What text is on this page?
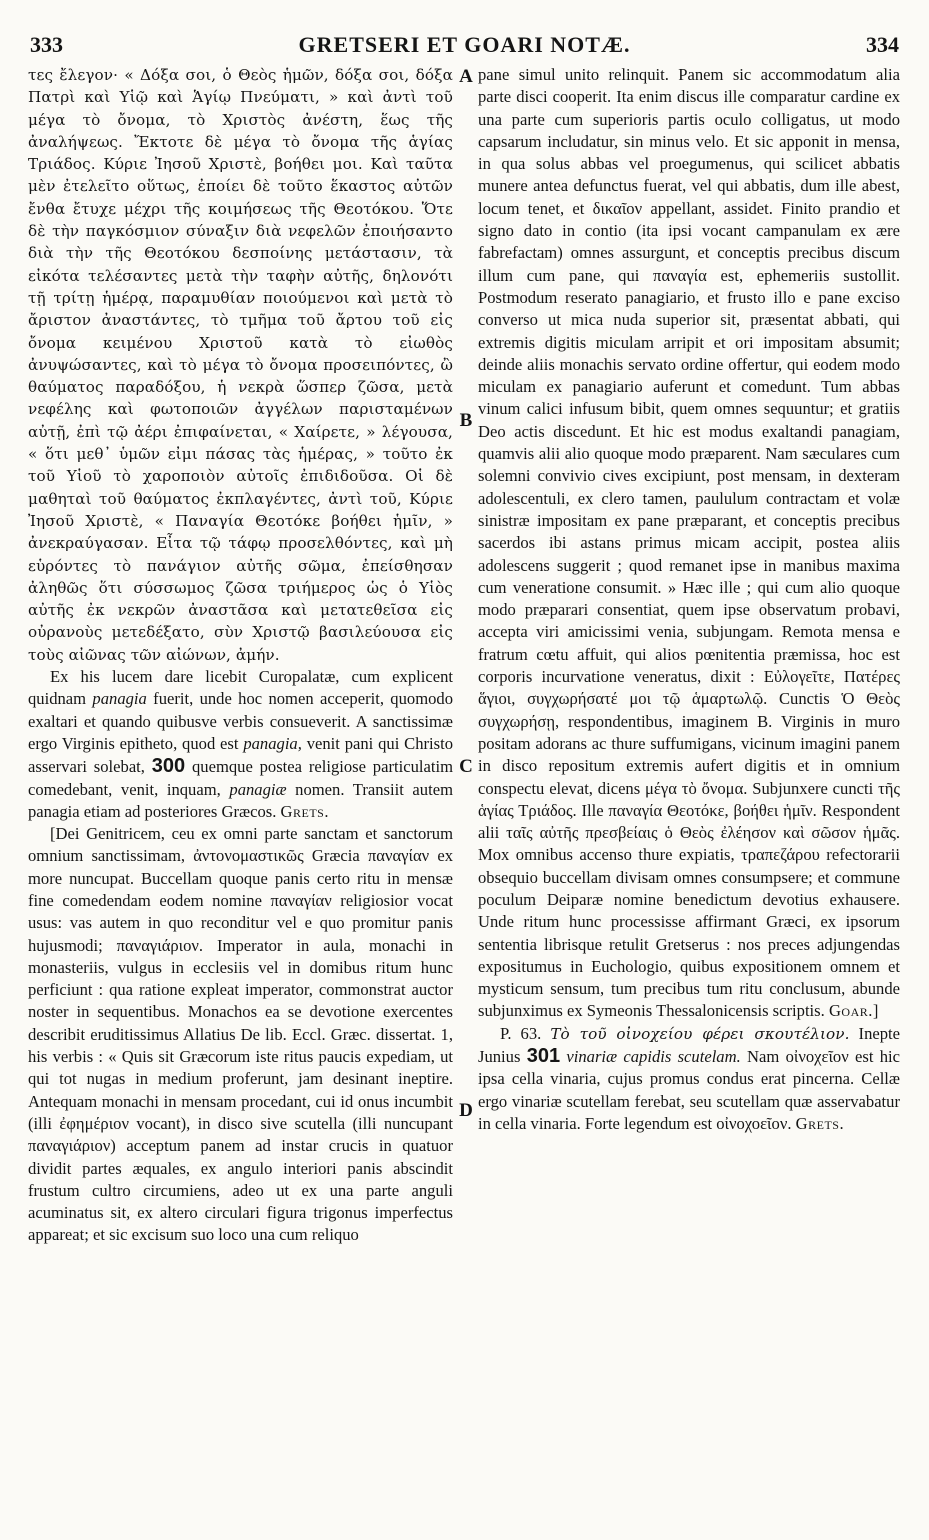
333	GRETSERI ET GOARI NOTÆ.	334

τες ἔλεγον· « Δόξα σοι, ὁ Θεὸς ἡμῶν, δόξα σοι, δόξα Πατρὶ καὶ Υἱῷ καὶ Ἁγίῳ Πνεύματι, » καὶ ἀντὶ τοῦ μέγα τὸ ὄνομα, τὸ Χριστὸς ἀνέστη, ἕως τῆς ἀναλήψεως. Ἔκτοτε δὲ μέγα τὸ ὄνομα τῆς ἁγίας Τριάδος. Κύριε Ἰησοῦ Χριστὲ, βοήθει μοι. Καὶ ταῦτα μὲν ἐτελεῖτο οὕτως, ἐποίει δὲ τοῦτο ἕκαστος αὐτῶν ἔνθα ἔτυχε μέχρι τῆς κοιμήσεως τῆς Θεοτόκου. Ὅτε δὲ τὴν παγκόσμιον σύναξιν διὰ νεφελῶν ἐποιήσαντο διὰ τὴν τῆς Θεοτόκου δεσποίνης μετάστασιν, τὰ εἰκότα τελέσαντες μετὰ τὴν ταφὴν αὐτῆς, δηλονότι τῇ τρίτῃ ἡμέρᾳ, παραμυθίαν ποιούμενοι καὶ μετὰ τὸ ἄριστον ἀναστάντες, τὸ τμῆμα τοῦ ἄρτου τοῦ εἰς ὄνομα κειμένου Χριστοῦ κατὰ τὸ εἰωθὸς ἀνυψώσαντες, καὶ τὸ μέγα τὸ ὄνομα προσειπόντες, ὢ θαύματος παραδόξου, ἡ νεκρὰ ὥσπερ ζῶσα, μετὰ νεφέλης καὶ φωτοποιῶν ἀγγέλων παρισταμένων αὐτῇ, ἐπὶ τῷ ἀέρι ἐπιφαίνεται, « Χαίρετε, » λέγουσα, « ὅτι μεθ᾽ ὑμῶν εἰμι πάσας τὰς ἡμέρας, » τοῦτο ἐκ τοῦ Υἱοῦ τὸ χαροποιὸν αὐτοῖς ἐπιδιδοῦσα. Οἱ δὲ μαθηταὶ τοῦ θαύματος ἐκπλαγέντες, ἀντὶ τοῦ, Κύριε Ἰησοῦ Χριστὲ, « Παναγία Θεοτόκε βοήθει ἡμῖν, » ἀνεκραύγασαν. Εἶτα τῷ τάφῳ προσελθόντες, καὶ μὴ εὑρόντες τὸ πανάγιον αὐτῆς σῶμα, ἐπείσθησαν ἀληθῶς ὅτι σύσσωμος ζῶσα τριήμερος ὡς ὁ Υἱὸς αὐτῆς ἐκ νεκρῶν ἀναστᾶσα καὶ μετατεθεῖσα εἰς οὐρανοὺς μετεδέξατο, σὺν Χριστῷ βασιλεύουσα εἰς τοὺς αἰῶνας τῶν αἰώνων, ἀμήν.

Ex his lucem dare licebit Curopalatæ, cum explicent quidnam panagia fuerit, unde hoc nomen acceperit, quomodo exaltari et quando quibusve verbis consueverit. A sanctissimæ ergo Virginis epitheto, quod est panagia, venit pani qui Christo asservari solebat, 300 quemque postea religiose particulatim comedebant, venit, inquam, panagiæ nomen. Transiit autem panagia etiam ad posteriores Græcos. Grets.

[Dei Genitricem, ceu ex omni parte sanctam et sanctorum omnium sanctissimam, ἀντονομαστικῶς Græcia παναγίαν ex more nuncupat. Buccellam quoque panis certo ritu in mensæ fine comedendam eodem nomine παναγίαν religiosior vocat usus: vas autem in quo reconditur vel e quo promitur panis hujusmodi; παναγιάριον. Imperator in aula, monachi in monasteriis, vulgus in ecclesiis vel in domibus ritum hunc perficiunt : qua ratione expleat imperator, commonstrat auctor noster in sequentibus. Monachos ea se devotione exercentes describit eruditissimus Allatius De lib. Eccl. Græc. dissertat. 1, his verbis : « Quis sit Græcorum iste ritus paucis expediam, ut qui tot nugas in medium proferunt, jam desinant ineptire. Antequam monachi in mensam procedant, cui id onus incumbit (illi ἐφημέριον vocant), in disco sive scutella (illi nuncupant παναγιάριον) acceptum panem ad instar crucis in quatuor dividit partes æquales, ex angulo interiori panis abscindit frustum cultro circumiens, adeo ut ex una parte anguli acuminatus sit, ex altero circulari figura trigonus imperfectus appareat; et sic excisum suo loco una cum reliquo

A
B
C
D

pane simul unito relinquit. Panem sic accommodatum alia parte disci cooperit. Ita enim discus ille comparatur cardine ex una parte cum superioris partis oculo colligatus, ut modo capsarum includatur, sin minus velo. Et sic apponit in mensa, in qua solus abbas vel proegumenus, qui scilicet abbatis munere antea defunctus fuerat, vel qui abbatis, dum ille abest, locum tenet, et δικαῖον appellant, assidet. Finito prandio et signo dato in contio (ita ipsi vocant campanulam ex ære fabrefactam) omnes assurgunt, et conceptis precibus discum illum cum pane, qui παναγία est, ephemeriis sustollit. Postmodum reserato panagiario, et frusto illo e pane exciso converso ut mica nuda superior sit, præsentat abbati, qui extremis digitis miculam arripit et ori impositam absumit; deinde aliis monachis servato ordine offertur, qui eodem modo miculam ex panagiario auferunt et comedunt. Tum abbas vinum calici infusum bibit, quem omnes sequuntur; et gratiis Deo actis discedunt. Et hic est modus exaltandi panagiam, quamvis alii alio quoque modo præparent. Nam sæculares cum solemni convivio cives excipiunt, post mensam, in dexteram adolescentuli, ex clero tamen, paululum contractam et volæ sinistræ impositam ex pane præparant, et conceptis precibus sacerdos ibi astans primus micam accipit, postea aliis adolescens suggerit ; quod remanet ipse in manibus maxima cum veneratione consumit. » Hæc ille ; qui cum alio quoque modo præparari consentiat, quem ipse observatum probavi, accepta viri amicissimi venia, subjungam. Remota mensa e fratrum cœtu affuit, qui alios pœnitentia præmissa, hoc est corporis incurvatione veneratus, dixit : Εὐλογεῖτε, Πατέρες ἅγιοι, συγχωρήσατέ μοι τῷ ἁμαρτωλῷ. Cunctis Ὁ Θεὸς συγχωρήσῃ, respondentibus, imaginem B. Virginis in muro positam adorans ac thure suffumigans, vicinum imagini panem in disco repositum extremis aufert digitis et in omnium conspectu elevat, dicens μέγα τὸ ὄνομα. Subjunxere cuncti τῆς ἁγίας Τριάδος. Ille παναγία Θεοτόκε, βοήθει ἡμῖν. Respondent alii ταῖς αὐτῆς πρεσβείαις ὁ Θεὸς ἐλέησον καὶ σῶσον ἡμᾶς. Mox omnibus accenso thure expiatis, τραπεζάρου refectorarii obsequio buccellam divisam omnes consumpsere; et commune poculum Deiparæ nomine benedictum devotius exhausere. Unde ritum hunc processisse affirmant Græci, ex ipsorum sententia librisque retulit Gretserus : nos preces adjungendas expositumus in Euchologio, quibus expositionem omnem et mysticum sensum, tum precibus tum ritu conclusum, abunde subjunximus ex Symeonis Thessalonicensis scriptis. Goar.]

P. 63. Τὸ τοῦ οἰνοχείου φέρει σκουτέλιον. Inepte Junius 301 vinariæ capidis scutelam. Nam οἰνοχεῖον est hic ipsa cella vinaria, cujus promus condus erat pincerna. Cellæ ergo vinariæ scutellam ferebat, seu scutellam quæ asservabatur in cella vinaria. Forte legendum est οἰνοχοεῖον. Grets.
